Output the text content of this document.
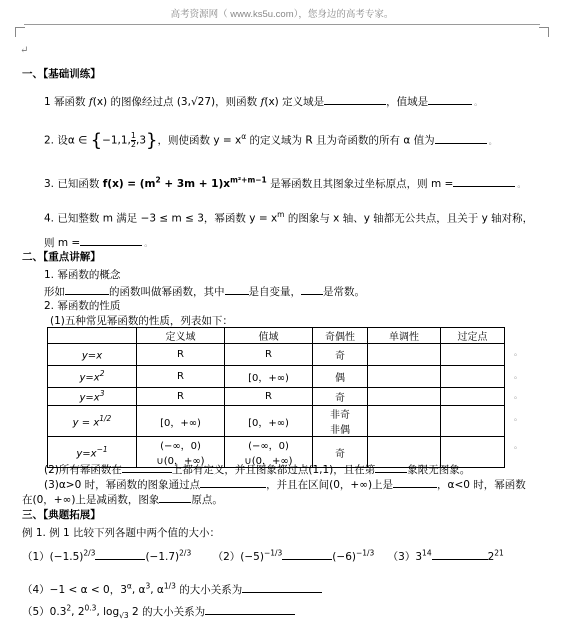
高考资源网（ www.ks5u.com），您身边的高考专家。
↵
一、【基础训练】
1 幂函数 f(x) 的图像经过点 (3,√27)，则函数 f(x) 定义域是	，值域是	。
2. 设α ∈ {−1,1, $\frac{1}{2} ,3$}，则使函数 $y = x^\alpha$ 的定义域为 R 且为奇函数的所有 α 值为	。
3. 已知函数 $f(x) = (m^2 + 3m + 1)x^{m^2+m-1}$ 是幂函数且其图象过坐标原点，则 m =	。
4. 已知整数 m 满足 −3 ≤ m ≤ 3，幂函数 $y = x^m$ 的图象与 x 轴、y 轴都无公共点，且关于 y 轴对称，
则 m =	。
二、【重点讲解】
1. 幂函数的概念
形如	的函数叫做幂函数，其中 是自变量， 是常数。
2. 幂函数的性质
(1)五种常见幂函数的性质，列表如下：
	定义域	值域	奇偶性	单调性	过定点
y=x	R	R	奇

$y=x^2$	R	[0，+∞)	偶

$y=x^3$	R	R	奇

$y = x^{1/2}$	[0，+∞)	[0，+∞)	非奇
非偶		

$y=x^{-1}$	(−∞，0)
∪(0，+∞)	(−∞，0)
∪(0，+∞)	奇

。
。
。
。
。
(2)所有幂函数在	上都有定义，并且图象都过点(1,1)，且在第	象限无图象。
(3)α>0 时，幂函数的图象通过点	，并且在区间(0，+∞)上是	，α<0 时，幂函数
在(0，+∞)上是减函数，图象	原点。
三、【典题拓展】
例 1. 例 1 比较下列各题中两个值的大小：
$(1)(-1.5)^{2/3}$	$(-1.7)^{2/3}$ $(2)(-5)^{-1/3}$	$(-6)^{-1/3}$ $(3)3^{14}$	$2^{21}$
（4）−1 < α < 0，$3^\alpha$, $\alpha^3$, $\alpha^{1/3}$ 的大小关系为
$(5)0.3^2$, $2^{0.3}$, $\log_{√3} 2$ 的大小关系为
